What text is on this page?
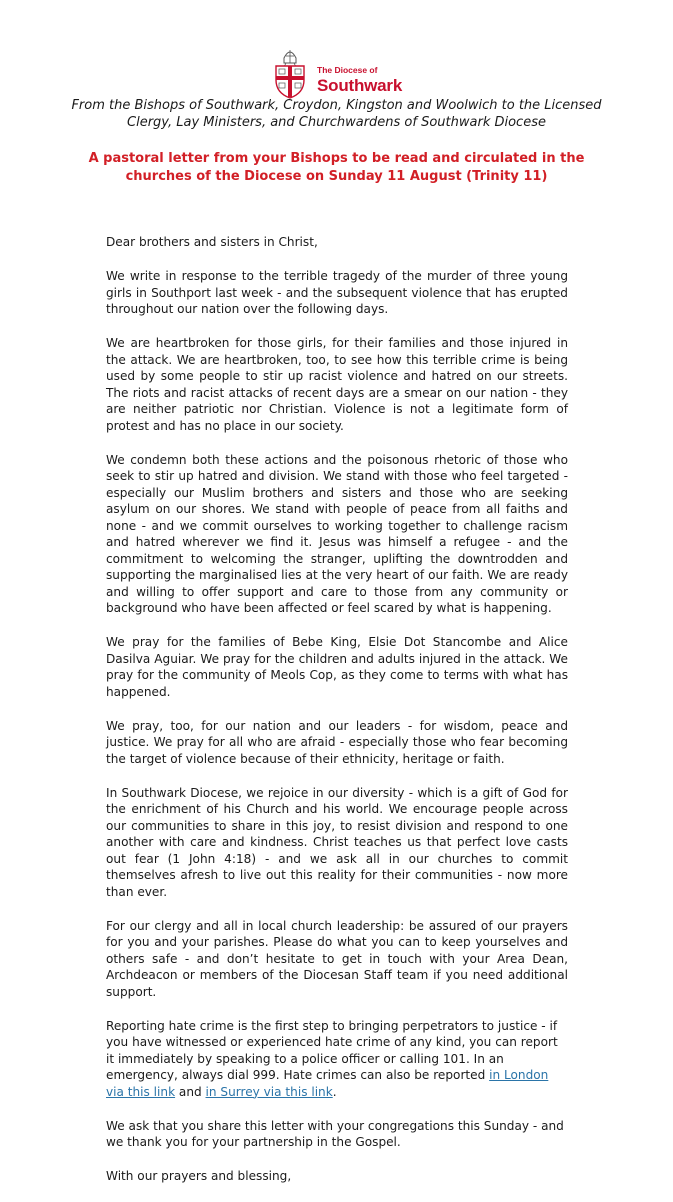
The Diocese of
Southwark

From the Bishops of Southwark, Croydon, Kingston and Woolwich to the Licensed Clergy, Lay Ministers, and Churchwardens of Southwark Diocese

A pastoral letter from your Bishops to be read and circulated in the churches of the Diocese on Sunday 11 August (Trinity 11)

Dear brothers and sisters in Christ,

We write in response to the terrible tragedy of the murder of three young girls in Southport last week - and the subsequent violence that has erupted throughout our nation over the following days.

We are heartbroken for those girls, for their families and those injured in the attack. We are heartbroken, too, to see how this terrible crime is being used by some people to stir up racist violence and hatred on our streets. The riots and racist attacks of recent days are a smear on our nation - they are neither patriotic nor Christian. Violence is not a legitimate form of protest and has no place in our society.

We condemn both these actions and the poisonous rhetoric of those who seek to stir up hatred and division. We stand with those who feel targeted - especially our Muslim brothers and sisters and those who are seeking asylum on our shores. We stand with people of peace from all faiths and none - and we commit ourselves to working together to challenge racism and hatred wherever we find it. Jesus was himself a refugee - and the commitment to welcoming the stranger, uplifting the downtrodden and supporting the marginalised lies at the very heart of our faith. We are ready and willing to offer support and care to those from any community or background who have been affected or feel scared by what is happening.

We pray for the families of Bebe King, Elsie Dot Stancombe and Alice Dasilva Aguiar. We pray for the children and adults injured in the attack. We pray for the community of Meols Cop, as they come to terms with what has happened.

We pray, too, for our nation and our leaders - for wisdom, peace and justice. We pray for all who are afraid - especially those who fear becoming the target of violence because of their ethnicity, heritage or faith.

In Southwark Diocese, we rejoice in our diversity - which is a gift of God for the enrichment of his Church and his world. We encourage people across our communities to share in this joy, to resist division and respond to one another with care and kindness. Christ teaches us that perfect love casts out fear (1 John 4:18) - and we ask all in our churches to commit themselves afresh to live out this reality for their communities - now more than ever.

For our clergy and all in local church leadership: be assured of our prayers for you and your parishes. Please do what you can to keep yourselves and others safe - and don’t hesitate to get in touch with your Area Dean, Archdeacon or members of the Diocesan Staff team if you need additional support.

Reporting hate crime is the first step to bringing perpetrators to justice - if you have witnessed or experienced hate crime of any kind, you can report it immediately by speaking to a police officer or calling 101. In an emergency, always dial 999. Hate crimes can also be reported in London via this link and in Surrey via this link.

We ask that you share this letter with your congregations this Sunday - and we thank you for your partnership in the Gospel.

With our prayers and blessing,
